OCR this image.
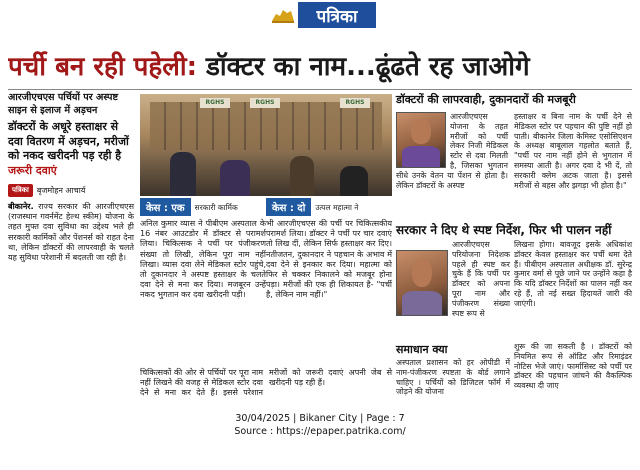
पत्रिका
पर्ची बन रही पहेली: डॉक्टर का नाम...ढूंढते रह जाओगे
आरजीएचएस पर्चियों पर अस्पष्ट साइन से इलाज में अड़चन
डॉक्टरों के अधूरे हस्ताक्षर से दवा वितरण में अड़चन, मरीजों को नकद खरीदनी पड़ रही है जरूरी दवाएं
पत्रिका	बृजमोहन आचार्य
बीकानेर. राज्य सरकार की आरजीएचएस (राजस्थान गवर्नमेंट हेल्थ स्कीम) योजना के तहत मुफ्त दवा सुविधा का उद्देश्य भले ही सरकारी कार्मिकों और पेंशनर्स को राहत देना था, लेकिन डॉक्टरों की लापरवाही के चलते यह सुविधा परेशानी में बदलती जा रही है।
RGHS	RGHS	RGHS
केस : एक	सरकारी कार्मिक
अनिल कुमार व्यास ने पीबीएम अस्पताल के 16 नंबर आउटडोर में डॉक्टर से परामर्श लिया। चिकित्सक ने पर्ची पर पंजीकरण संख्या तो लिखी, लेकिन पूरा नाम नहीं लिखा। व्यास दवा लेने मेडिकल स्टोर पहुंचे, तो दुकानदार ने अस्पष्ट हस्ताक्षर के चलते दवा देने से मना कर दिया। मजबूरन उन्हें नकद भुगतान कर दवा खरीदनी पड़ी।
केस : दो	उत्पल महात्मा ने
भी आरजीएचएस की पर्ची पर चिकित्सकीय परामर्श लिया। डॉक्टर ने पर्ची पर चार दवाएं तो लिख दीं, लेकिन सिर्फ हस्ताक्षर कर दिए। नतीजतन, दुकानदार ने पहचान के अभाव में दवा देने से इनकार कर दिया। महात्मा को फिर से चक्कर निकालने को मजबूर होना पड़ा। मरीजों की एक ही शिकायत है- "पर्ची है, लेकिन नाम नहीं।"
चिकित्सकों की ओर से पर्चियों पर पूरा नाम नहीं लिखने की वजह से मेडिकल स्टोर दवा देने से मना कर देते हैं। इससे परेशान मरीजों को जरूरी दवाएं अपनी जेब से खरीदनी पड़ रही हैं।
डॉक्टरों की लापरवाही, दुकानदारों की मजबूरी
आरजीएचएस योजना के तहत मरीजों को पर्ची लेकर निजी मेडिकल स्टोर से दवा मिलती है, जिसका भुगतान सीधे उनके वेतन या पेंशन से होता है। लेकिन डॉक्टरों के अस्पष्ट
हस्ताक्षर व बिना नाम के पर्ची देने से मेडिकल स्टोर पर पहचान की पुष्टि नहीं हो पाती। बीकानेर जिला केमिस्ट एसोसिएशन के अध्यक्ष बाबूलाल गहलोत बताते हैं, "पर्ची पर नाम नहीं होने से भुगतान में समस्या आती है। अगर दवा दे भी दें, तो सरकारी क्लेम अटक जाता है। इससे मरीजों से बहस और झगड़ा भी होता है।"
सरकार ने दिए थे स्पष्ट निर्देश, फिर भी पालन नहीं
आरजीएचएस परियोजना निदेशक पहले ही स्पष्ट कर चुके हैं कि पर्ची पर डॉक्टर को अपना पूरा नाम और पंजीकरण संख्या स्पष्ट रूप से
लिखना होगा। बावजूद इसके अधिकांश डॉक्टर केवल हस्ताक्षर कर पर्ची थमा देते हैं। पीबीएम अस्पताल अधीक्षक डॉ. सुरेन्द्र कुमार वर्मा से पूछे जाने पर उन्होंने कहा है कि यदि डॉक्टर निर्देशों का पालन नहीं कर रहे हैं, तो नई सख्त हिदायतें जारी की जाएंगी।
समाधान क्या
अस्पताल प्रशासन को हर ओपीडी में नाम-पंजीकरण स्पष्टता के बोर्ड लगाने चाहिए । पर्चियों को डिजिटल फॉर्म में जोड़ने की योजना
शुरू की जा सकती है । डॉक्टरों को नियमित रूप से ऑडिट और रिमाइंडर नोटिस भेजे जाएं। फार्मासिस्ट को पर्ची पर डॉक्टर की पहचान जांचने की वैकल्पिक व्यवस्था दी जाए
30/04/2025 | Bikaner City | Page : 7
Source : https://epaper.patrika.com/
